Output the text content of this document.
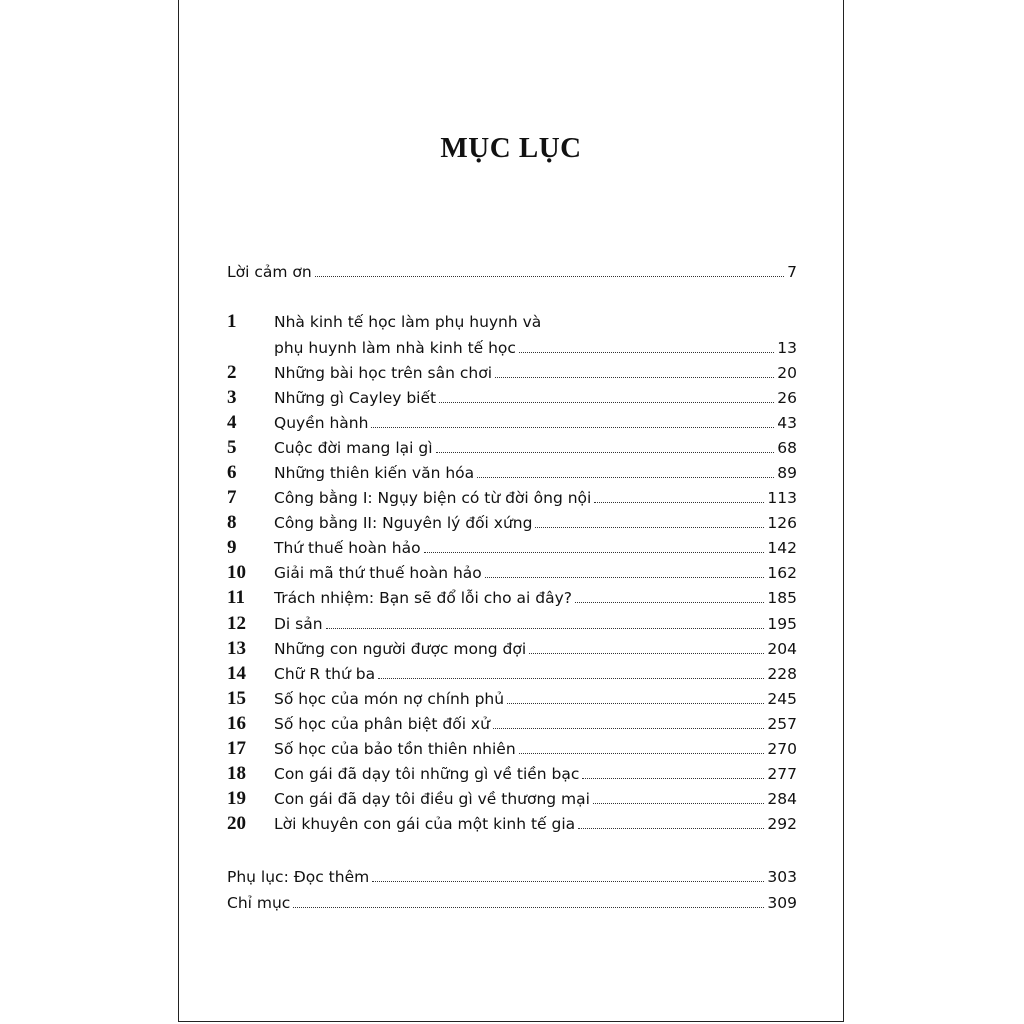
MỤC LỤC
Lời cảm ơn	7
1	Nhà kinh tế học làm phụ huynh và
phụ huynh làm nhà kinh tế học	13
2	Những bài học trên sân chơi	20
3	Những gì Cayley biết	26
4	Quyền hành	43
5	Cuộc đời mang lại gì	68
6	Những thiên kiến văn hóa	89
7	Công bằng I: Ngụy biện có từ đời ông nội	113
8	Công bằng II: Nguyên lý đối xứng	126
9	Thứ thuế hoàn hảo	142
10	Giải mã thứ thuế hoàn hảo	162
11	Trách nhiệm: Bạn sẽ đổ lỗi cho ai đây?	185
12	Di sản	195
13	Những con người được mong đợi	204
14	Chữ R thứ ba	228
15	Số học của món nợ chính phủ	245
16	Số học của phân biệt đối xử	257
17	Số học của bảo tồn thiên nhiên	270
18	Con gái đã dạy tôi những gì về tiền bạc	277
19	Con gái đã dạy tôi điều gì về thương mại	284
20	Lời khuyên con gái của một kinh tế gia	292
Phụ lục: Đọc thêm	303
Chỉ mục	309
